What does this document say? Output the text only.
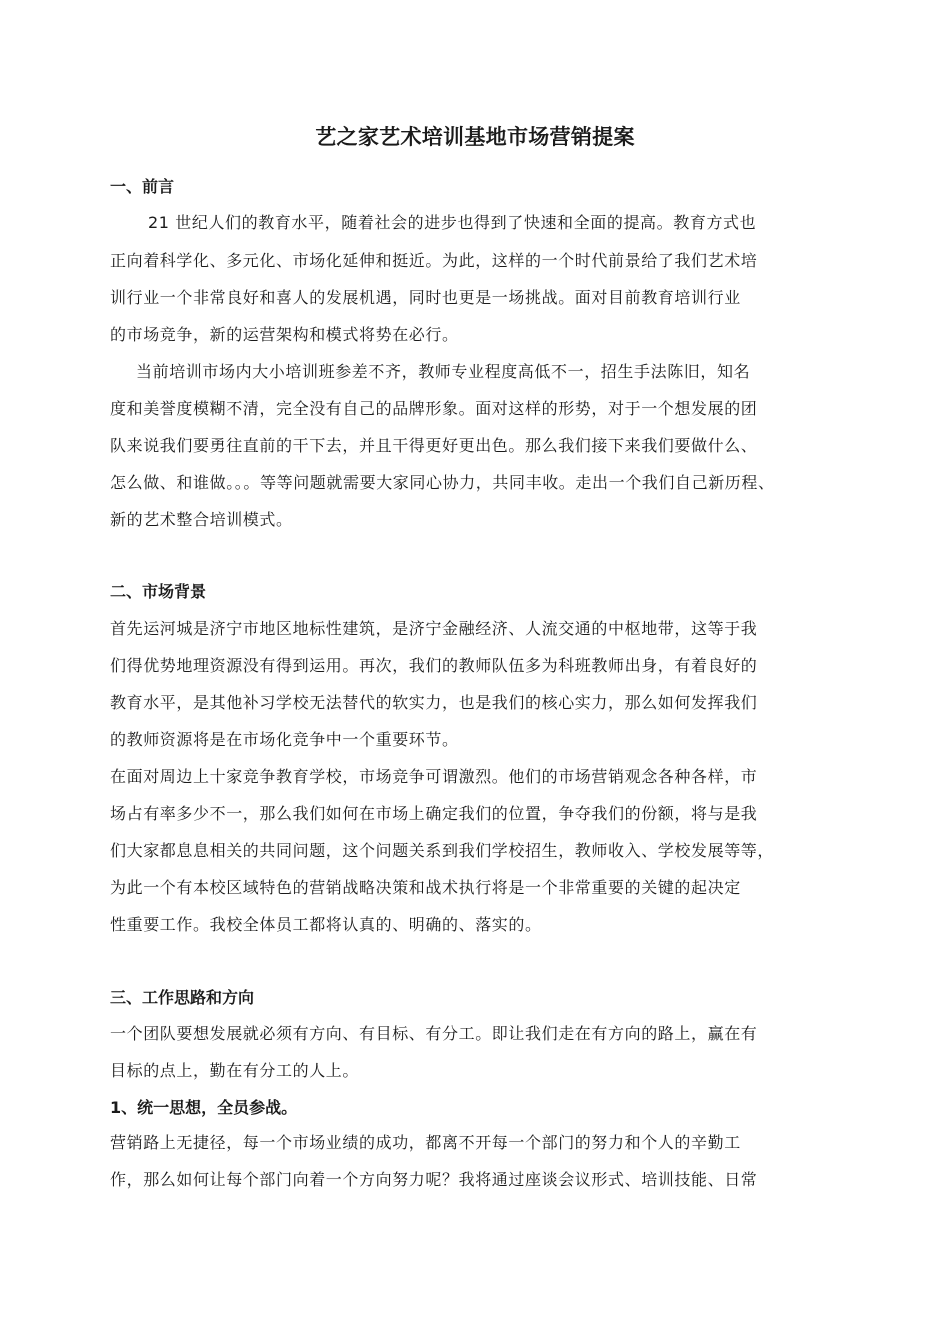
艺之家艺术培训基地市场营销提案
一、前言
21 世纪人们的教育水平，随着社会的进步也得到了快速和全面的提高。教育方式也
正向着科学化、多元化、市场化延伸和挺近。为此，这样的一个时代前景给了我们艺术培
训行业一个非常良好和喜人的发展机遇，同时也更是一场挑战。面对目前教育培训行业
的市场竞争，新的运营架构和模式将势在必行。
当前培训市场内大小培训班参差不齐，教师专业程度高低不一，招生手法陈旧，知名
度和美誉度模糊不清，完全没有自己的品牌形象。面对这样的形势，对于一个想发展的团
队来说我们要勇往直前的干下去，并且干得更好更出色。那么我们接下来我们要做什么、
怎么做、和谁做。。。等等问题就需要大家同心协力，共同丰收。走出一个我们自己新历程、
新的艺术整合培训模式。
二、市场背景
首先运河城是济宁市地区地标性建筑，是济宁金融经济、人流交通的中枢地带，这等于我
们得优势地理资源没有得到运用。再次，我们的教师队伍多为科班教师出身，有着良好的
教育水平，是其他补习学校无法替代的软实力，也是我们的核心实力，那么如何发挥我们
的教师资源将是在市场化竞争中一个重要环节。
在面对周边上十家竞争教育学校，市场竞争可谓激烈。他们的市场营销观念各种各样，市
场占有率多少不一，那么我们如何在市场上确定我们的位置，争夺我们的份额，将与是我
们大家都息息相关的共同问题，这个问题关系到我们学校招生，教师收入、学校发展等等，
为此一个有本校区域特色的营销战略决策和战术执行将是一个非常重要的关键的起决定
性重要工作。我校全体员工都将认真的、明确的、落实的。
三、工作思路和方向
一个团队要想发展就必须有方向、有目标、有分工。即让我们走在有方向的路上，赢在有
目标的点上，勤在有分工的人上。
1、统一思想，全员参战。
营销路上无捷径，每一个市场业绩的成功，都离不开每一个部门的努力和个人的辛勤工
作，那么如何让每个部门向着一个方向努力呢？我将通过座谈会议形式、培训技能、日常
